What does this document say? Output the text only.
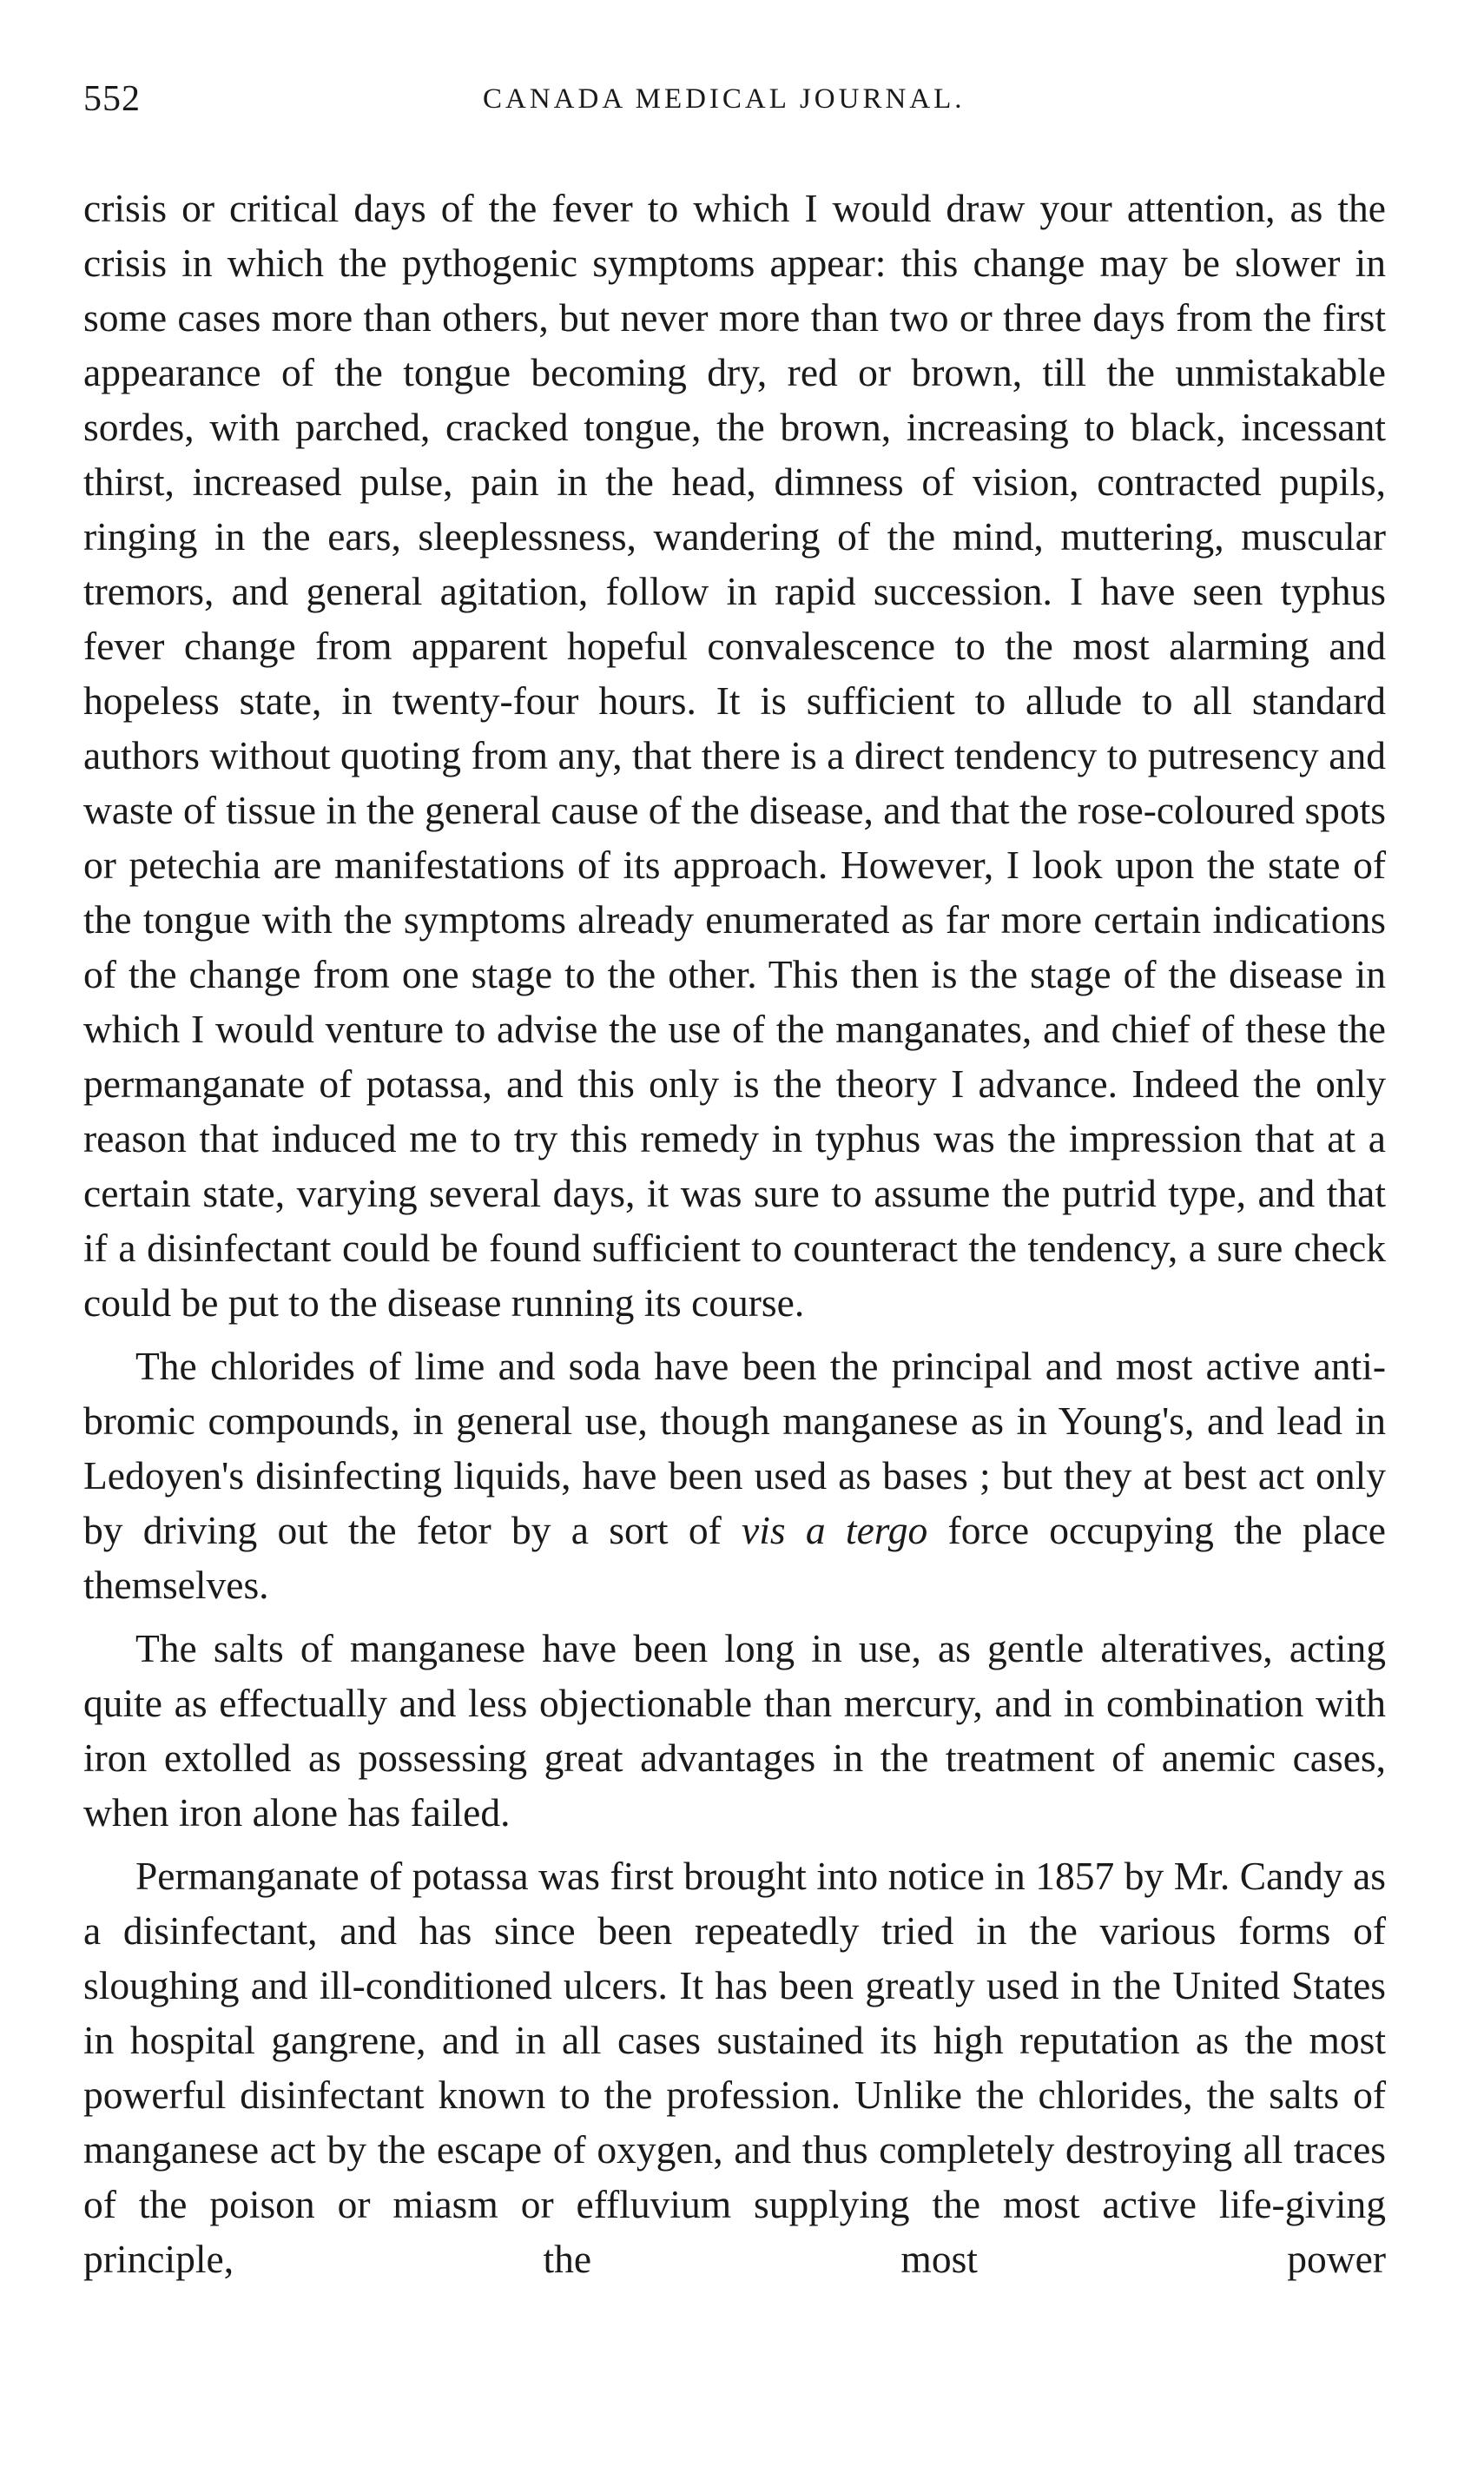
552	CANADA MEDICAL JOURNAL.

crisis or critical days of the fever to which I would draw your attention, as the crisis in which the pythogenic symptoms appear: this change may be slower in some cases more than others, but never more than two or three days from the first appearance of the tongue becoming dry, red or brown, till the unmistakable sordes, with parched, cracked tongue, the brown, increasing to black, incessant thirst, increased pulse, pain in the head, dimness of vision, contracted pupils, ringing in the ears, sleeplessness, wandering of the mind, muttering, muscular tremors, and general agitation, follow in rapid succession. I have seen typhus fever change from apparent hopeful convalescence to the most alarming and hopeless state, in twenty-four hours. It is sufficient to allude to all standard authors without quoting from any, that there is a direct tendency to putresency and waste of tissue in the general cause of the disease, and that the rose-coloured spots or petechia are manifestations of its approach. However, I look upon the state of the tongue with the symptoms already enumerated as far more certain indications of the change from one stage to the other. This then is the stage of the disease in which I would venture to advise the use of the manganates, and chief of these the permanganate of potassa, and this only is the theory I advance. Indeed the only reason that induced me to try this remedy in typhus was the impression that at a certain state, varying several days, it was sure to assume the putrid type, and that if a disinfectant could be found sufficient to counteract the tendency, a sure check could be put to the disease running its course.

The chlorides of lime and soda have been the principal and most active anti-bromic compounds, in general use, though manganese as in Young's, and lead in Ledoyen's disinfecting liquids, have been used as bases ; but they at best act only by driving out the fetor by a sort of vis a tergo force occupying the place themselves.

The salts of manganese have been long in use, as gentle alteratives, acting quite as effectually and less objectionable than mercury, and in combination with iron extolled as possessing great advantages in the treatment of anemic cases, when iron alone has failed.

Permanganate of potassa was first brought into notice in 1857 by Mr. Candy as a disinfectant, and has since been repeatedly tried in the various forms of sloughing and ill-conditioned ulcers. It has been greatly used in the United States in hospital gangrene, and in all cases sustained its high reputation as the most powerful disinfectant known to the profession. Unlike the chlorides, the salts of manganese act by the escape of oxygen, and thus completely destroying all traces of the poison or miasm or effluvium supplying the most active life-giving principle, the most power
